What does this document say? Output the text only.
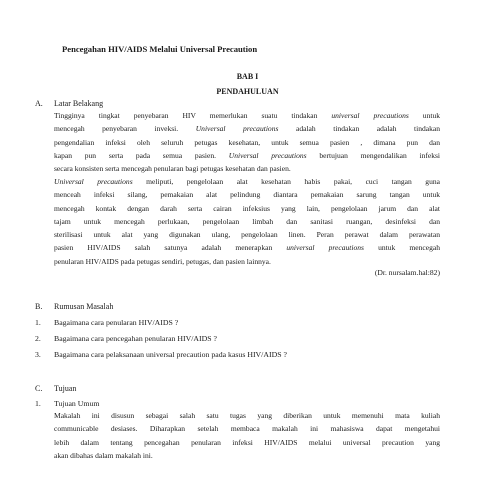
Pencegahan HIV/AIDS Melalui Universal Precaution
BAB I
PENDAHULUAN
A. Latar Belakang
Tingginya tingkat penyebaran HIV memerlukan suatu tindakan universal precautions untuk
mencegah penyebaran inveksi. Universal precautions adalah tindakan adalah tindakan
pengendalian infeksi oleh seluruh petugas kesehatan, untuk semua pasien , dimana pun dan
kapan pun serta pada semua pasien. Universal precautions bertujuan mengendalikan infeksi
secara konsisten serta mencegah penularan bagi petugas kesehatan dan pasien.
Universal precautions meliputi, pengelolaan alat kesehatan habis pakai, cuci tangan guna
menceah infeksi silang, pemakaian alat pelindung diantara pemakaian sarung tangan untuk
mencegah kontak dengan darah serta cairan infeksius yang lain, pengelolaan jarum dan alat
tajam untuk mencegah perlukaan, pengelolaan limbah dan sanitasi ruangan, desinfeksi dan
sterilisasi untuk alat yang digunakan ulang, pengelolaan linen. Peran perawat dalam perawatan
pasien HIV/AIDS salah satunya adalah menerapkan universal precautions untuk mencegah
penularan HIV/AIDS pada petugas sendiri, petugas, dan pasien lainnya.
(Dr. nursalam.hal:82)
B. Rumusan Masalah
1. Bagaimana cara penularan HIV/AIDS ?
2. Bagaimana cara pencegahan penularan HIV/AIDS ?
3. Bagaimana cara pelaksanaan universal precaution pada kasus HIV/AIDS ?
C. Tujuan
1. Tujuan Umum
Makalah ini disusun sebagai salah satu tugas yang diberikan untuk memenuhi mata kuliah
communicable desiases. Diharapkan setelah membaca makalah ini mahasiswa dapat mengetahui
lebih dalam tentang pencegahan penularan infeksi HIV/AIDS melalui universal precaution yang
akan dibahas dalam makalah ini.
